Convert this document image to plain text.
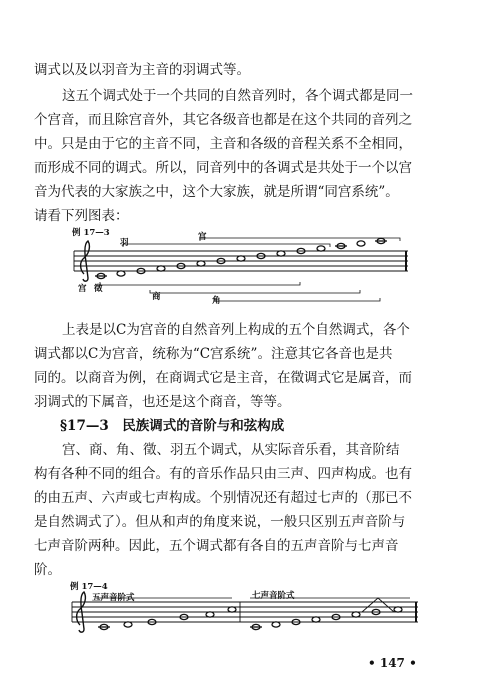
调式以及以羽音为主音的羽调式等。
这五个调式处于一个共同的自然音列时，各个调式都是同一
个宫音，而且除宫音外，其它各级音也都是在这个共同的音列之
中。只是由于它的主音不同，主音和各级的音程关系不全相同，
而形成不同的调式。所以，同音列中的各调式是共处于一个以宫
音为代表的大家族之中，这个大家族，就是所谓“同宫系统”。
请看下列图表：
例 17—3
羽
宫
宫 徵
商	角
上表是以C为宫音的自然音列上构成的五个自然调式，各个
调式都以C为宫音，统称为“C宫系统”。注意其它各音也是共
同的。以商音为例，在商调式它是主音，在徵调式它是属音，而
羽调式的下属音，也还是这个商音，等等。
§17—3　民族调式的音阶与和弦构成
宫、商、角、徵、羽五个调式，从实际音乐看，其音阶结
构有各种不同的组合。有的音乐作品只由三声、四声构成。也有
的由五声、六声或七声构成。个别情况还有超过七声的（那已不
是自然调式了）。但从和声的角度来说，一般只区别五声音阶与
七声音阶两种。因此，五个调式都有各自的五声音阶与七声音
阶。
例 17—4
五声音阶式	七声音阶式
• 147 •
